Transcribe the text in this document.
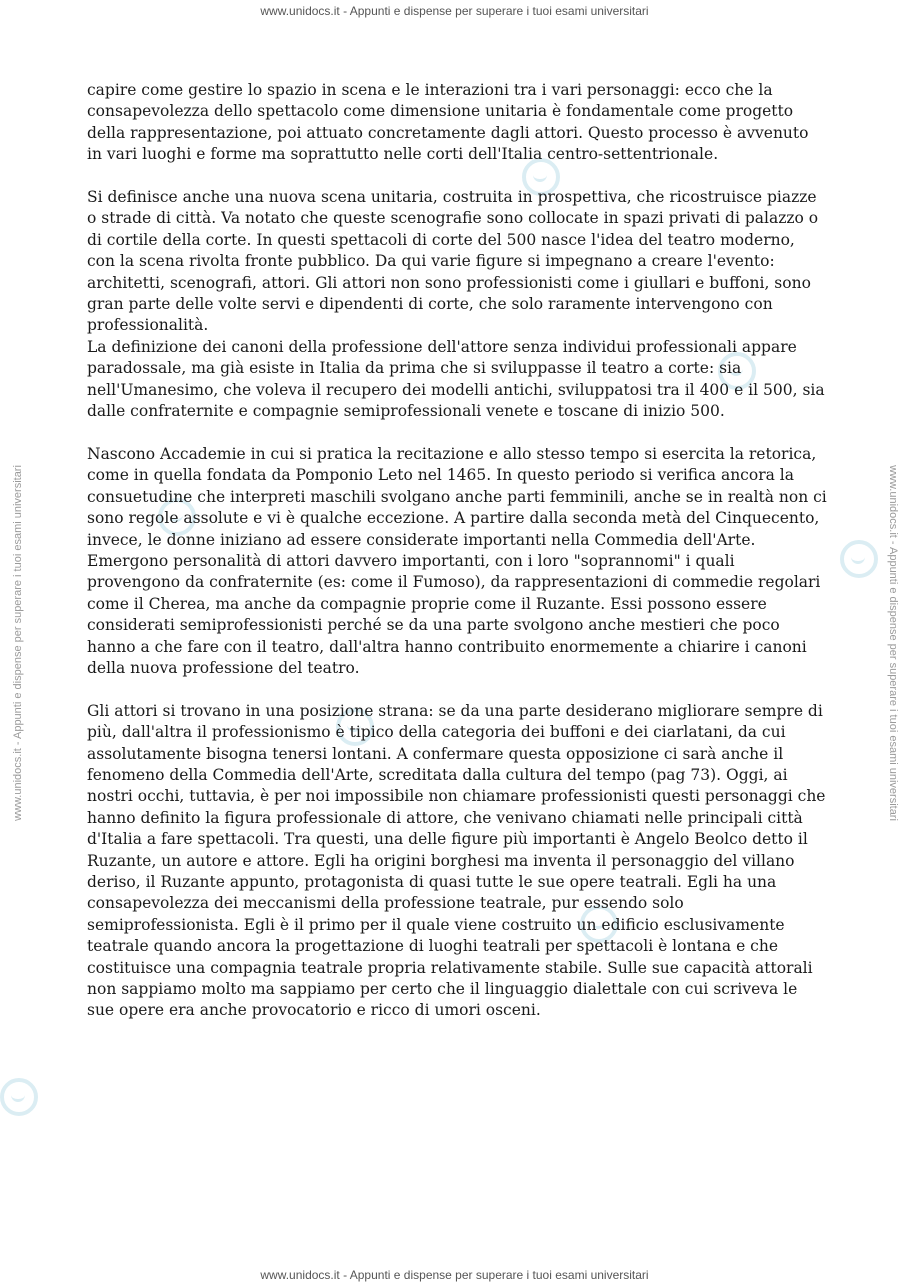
www.unidocs.it - Appunti e dispense per superare i tuoi esami universitari
www.unidocs.it - Appunti e dispense per superare i tuoi esami universitari	www.unidocs.it - Appunti e dispense per superare i tuoi esami universitari

capire come gestire lo spazio in scena e le interazioni tra i vari personaggi: ecco che la consapevolezza dello spettacolo come dimensione unitaria è fondamentale come progetto della rappresentazione, poi attuato concretamente dagli attori. Questo processo è avvenuto in vari luoghi e forme ma soprattutto nelle corti dell'Italia centro-settentrionale.

Si definisce anche una nuova scena unitaria, costruita in prospettiva, che ricostruisce piazze o strade di città. Va notato che queste scenografie sono collocate in spazi privati di palazzo o di cortile della corte. In questi spettacoli di corte del 500 nasce l'idea del teatro moderno, con la scena rivolta fronte pubblico. Da qui varie figure si impegnano a creare l'evento: architetti, scenografi, attori. Gli attori non sono professionisti come i giullari e buffoni, sono gran parte delle volte servi e dipendenti di corte, che solo raramente intervengono con professionalità.

La definizione dei canoni della professione dell'attore senza individui professionali appare paradossale, ma già esiste in Italia da prima che si sviluppasse il teatro a corte: sia nell'Umanesimo, che voleva il recupero dei modelli antichi, sviluppatosi tra il 400 e il 500, sia dalle confraternite e compagnie semiprofessionali venete e toscane di inizio 500.

Nascono Accademie in cui si pratica la recitazione e allo stesso tempo si esercita la retorica, come in quella fondata da Pomponio Leto nel 1465. In questo periodo si verifica ancora la consuetudine che interpreti maschili svolgano anche parti femminili, anche se in realtà non ci sono regole assolute e vi è qualche eccezione. A partire dalla seconda metà del Cinquecento, invece, le donne iniziano ad essere considerate importanti nella Commedia dell'Arte. Emergono personalità di attori davvero importanti, con i loro "soprannomi" i quali provengono da confraternite (es: come il Fumoso), da rappresentazioni di commedie regolari come il Cherea, ma anche da compagnie proprie come il Ruzante. Essi possono essere considerati semiprofessionisti perché se da una parte svolgono anche mestieri che poco hanno a che fare con il teatro, dall'altra hanno contribuito enormemente a chiarire i canoni della nuova professione del teatro.

Gli attori si trovano in una posizione strana: se da una parte desiderano migliorare sempre di più, dall'altra il professionismo è tipico della categoria dei buffoni e dei ciarlatani, da cui assolutamente bisogna tenersi lontani. A confermare questa opposizione ci sarà anche il fenomeno della Commedia dell'Arte, screditata dalla cultura del tempo (pag 73). Oggi, ai nostri occhi, tuttavia, è per noi impossibile non chiamare professionisti questi personaggi che hanno definito la figura professionale di attore, che venivano chiamati nelle principali città d'Italia a fare spettacoli. Tra questi, una delle figure più importanti è Angelo Beolco detto il Ruzante, un autore e attore. Egli ha origini borghesi ma inventa il personaggio del villano deriso, il Ruzante appunto, protagonista di quasi tutte le sue opere teatrali. Egli ha una consapevolezza dei meccanismi della professione teatrale, pur essendo solo semiprofessionista. Egli è il primo per il quale viene costruito un edificio esclusivamente teatrale quando ancora la progettazione di luoghi teatrali per spettacoli è lontana e che costituisce una compagnia teatrale propria relativamente stabile. Sulle sue capacità attorali non sappiamo molto ma sappiamo per certo che il linguaggio dialettale con cui scriveva le sue opere era anche provocatorio e ricco di umori osceni.

www.unidocs.it - Appunti e dispense per superare i tuoi esami universitari
